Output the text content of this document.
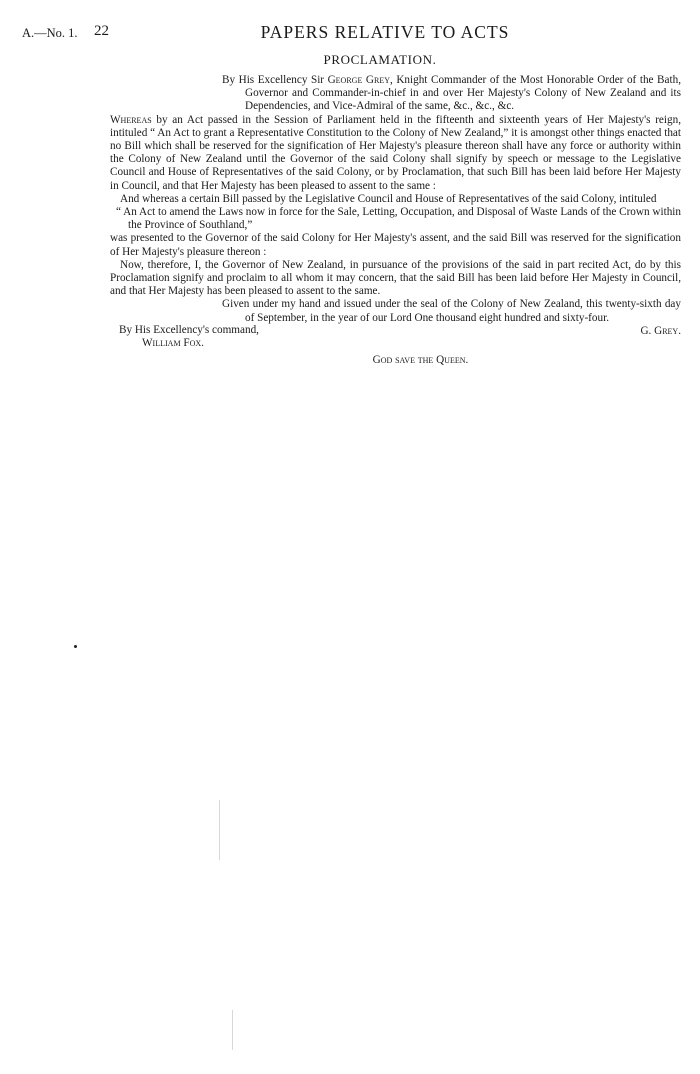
A.—No. 1. 22	PAPERS RELATIVE TO ACTS
PROCLAMATION.

By His Excellency Sir George Grey, Knight Commander of the Most Honorable Order of the Bath, Governor and Commander-in-chief in and over Her Majesty's Colony of New Zealand and its Dependencies, and Vice-Admiral of the same, &c., &c., &c.

Whereas by an Act passed in the Session of Parliament held in the fifteenth and sixteenth years of Her Majesty's reign, intituled “ An Act to grant a Representative Constitution to the Colony of New Zealand,” it is amongst other things enacted that no Bill which shall be reserved for the signification of Her Majesty's pleasure thereon shall have any force or authority within the Colony of New Zealand until the Governor of the said Colony shall signify by speech or message to the Legislative Council and House of Representatives of the said Colony, or by Proclamation, that such Bill has been laid before Her Majesty in Council, and that Her Majesty has been pleased to assent to the same :

And whereas a certain Bill passed by the Legislative Council and House of Representatives of the said Colony, intituled

“ An Act to amend the Laws now in force for the Sale, Letting, Occupation, and Disposal of Waste Lands of the Crown within the Province of Southland,”

was presented to the Governor of the said Colony for Her Majesty's assent, and the said Bill was reserved for the signification of Her Majesty's pleasure thereon :

Now, therefore, I, the Governor of New Zealand, in pursuance of the provisions of the said in part recited Act, do by this Proclamation signify and proclaim to all whom it may concern, that the said Bill has been laid before Her Majesty in Council, and that Her Majesty has been pleased to assent to the same.

Given under my hand and issued under the seal of the Colony of New Zealand, this twenty-sixth day of September, in the year of our Lord One thousand eight hundred and sixty-four.

G. Grey.

By His Excellency's command,

William Fox.

God save the Queen.
